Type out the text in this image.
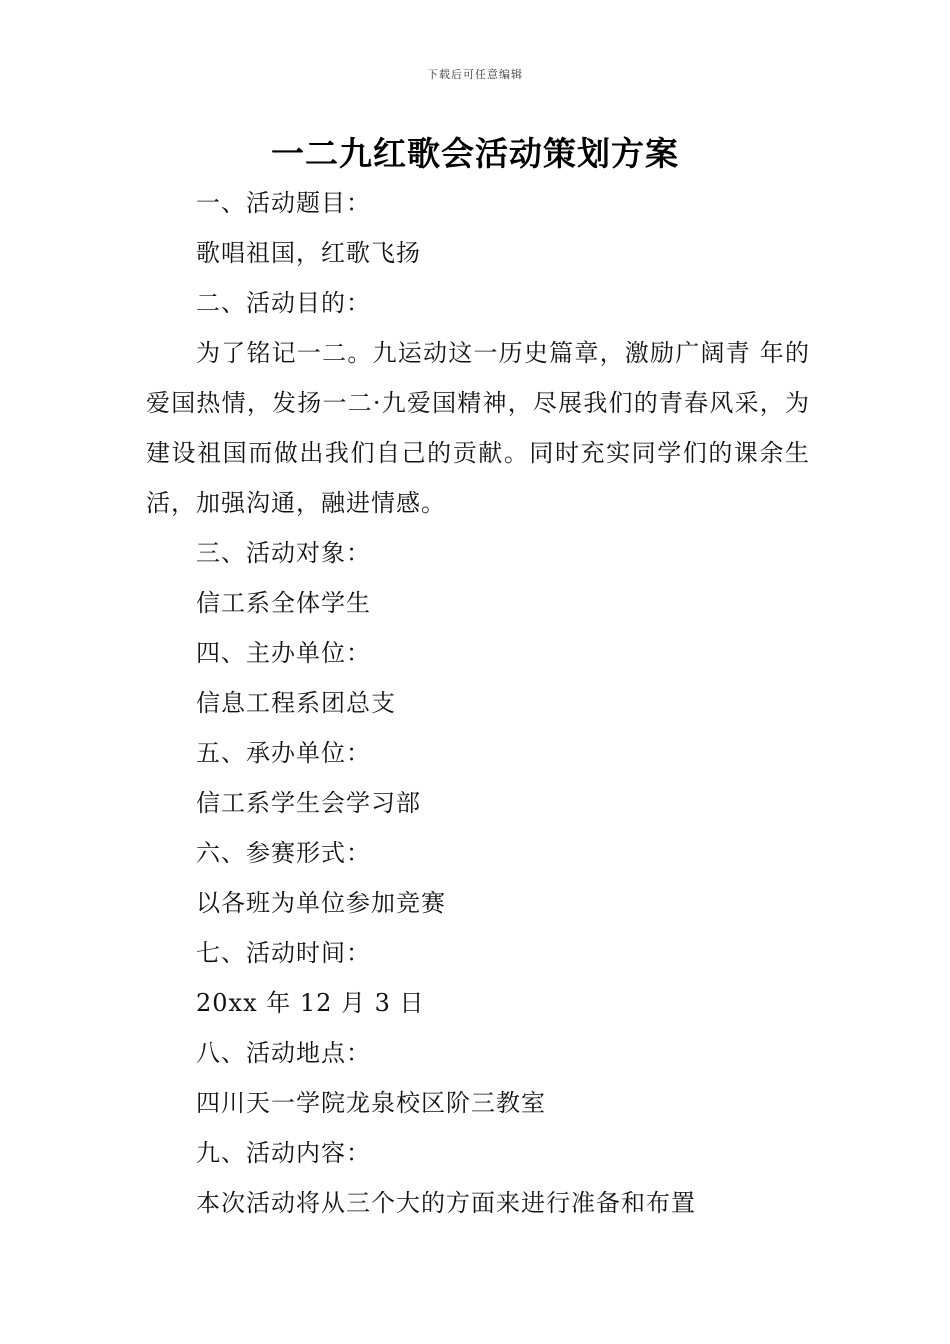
下载后可任意编辑
一二九红歌会活动策划方案
一、活动题目：
歌唱祖国，红歌飞扬
二、活动目的：
为了铭记一二。九运动这一历史篇章，激励广阔青 年的爱国热情，发扬一二·九爱国精神，尽展我们的青春风采，为建设祖国而做出我们自己的贡献。同时充实同学们的课余生活，加强沟通，融进情感。
三、活动对象：
信工系全体学生
四、主办单位：
信息工程系团总支
五、承办单位：
信工系学生会学习部
六、参赛形式：
以各班为单位参加竞赛
七、活动时间：
20xx 年 12 月 3 日
八、活动地点：
四川天一学院龙泉校区阶三教室
九、活动内容：
本次活动将从三个大的方面来进行准备和布置
